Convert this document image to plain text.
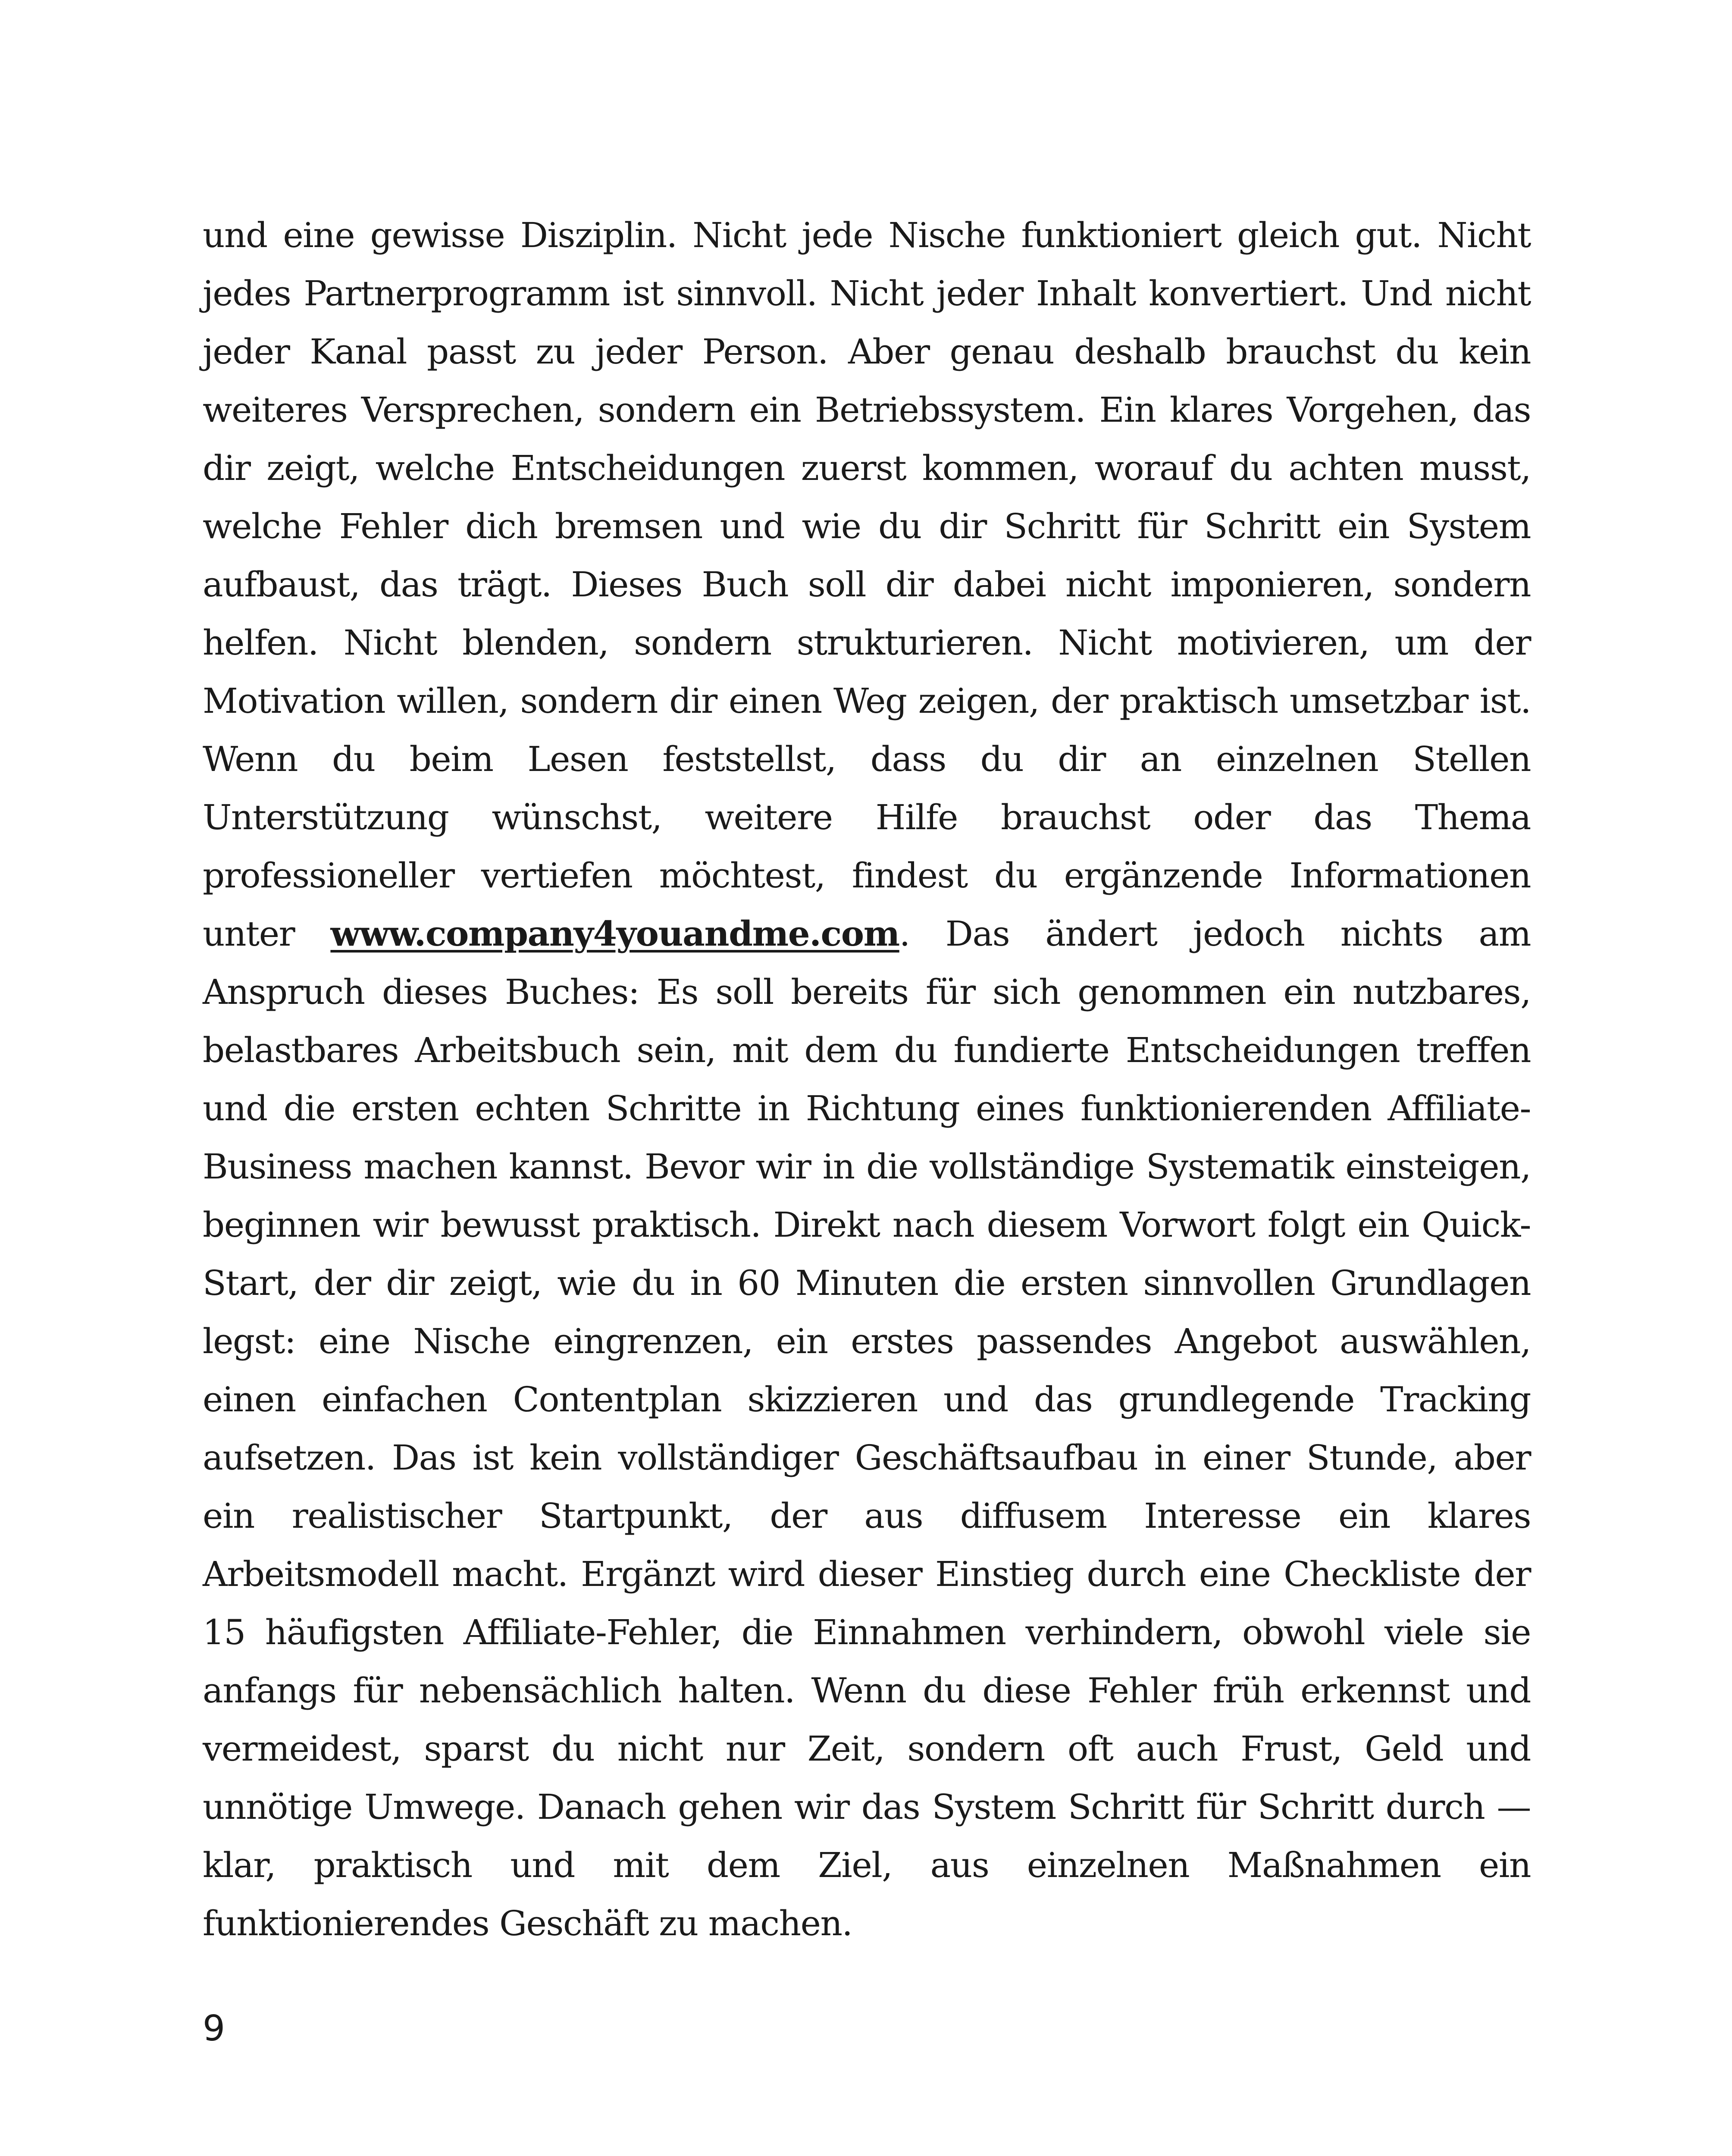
und eine gewisse Disziplin. Nicht jede Nische funktioniert gleich gut. Nicht jedes Partnerprogramm ist sinnvoll. Nicht jeder Inhalt konvertiert. Und nicht jeder Kanal passt zu jeder Person. Aber genau deshalb brauchst du kein weiteres Versprechen, sondern ein Betriebssystem. Ein klares Vorgehen, das dir zeigt, welche Entscheidungen zuerst kommen, worauf du achten musst, welche Fehler dich bremsen und wie du dir Schritt für Schritt ein System aufbaust, das trägt. Dieses Buch soll dir dabei nicht imponieren, sondern helfen. Nicht blenden, sondern strukturieren. Nicht motivieren, um der Motivation willen, sondern dir einen Weg zeigen, der praktisch umsetzbar ist. Wenn du beim Lesen feststellst, dass du dir an einzelnen Stellen Unterstützung wünschst, weitere Hilfe brauchst oder das Thema professioneller vertiefen möchtest, findest du ergänzende Informationen unter www.company4youandme.com. Das ändert jedoch nichts am Anspruch dieses Buches: Es soll bereits für sich genommen ein nutzbares, belastbares Arbeitsbuch sein, mit dem du fundierte Entscheidungen treffen und die ersten echten Schritte in Richtung eines funktionierenden Affiliate-Business machen kannst. Bevor wir in die vollständige Systematik einsteigen, beginnen wir bewusst praktisch. Direkt nach diesem Vorwort folgt ein Quick-Start, der dir zeigt, wie du in 60 Minuten die ersten sinnvollen Grundlagen legst: eine Nische eingrenzen, ein erstes passendes Angebot auswählen, einen einfachen Contentplan skizzieren und das grundlegende Tracking aufsetzen. Das ist kein vollständiger Geschäftsaufbau in einer Stunde, aber ein realistischer Startpunkt, der aus diffusem Interesse ein klares Arbeitsmodell macht. Ergänzt wird dieser Einstieg durch eine Checkliste der 15 häufigsten Affiliate-Fehler, die Einnahmen verhindern, obwohl viele sie anfangs für nebensächlich halten. Wenn du diese Fehler früh erkennst und vermeidest, sparst du nicht nur Zeit, sondern oft auch Frust, Geld und unnötige Umwege. Danach gehen wir das System Schritt für Schritt durch — klar, praktisch und mit dem Ziel, aus einzelnen Maßnahmen ein funktionierendes Geschäft zu machen.

9
